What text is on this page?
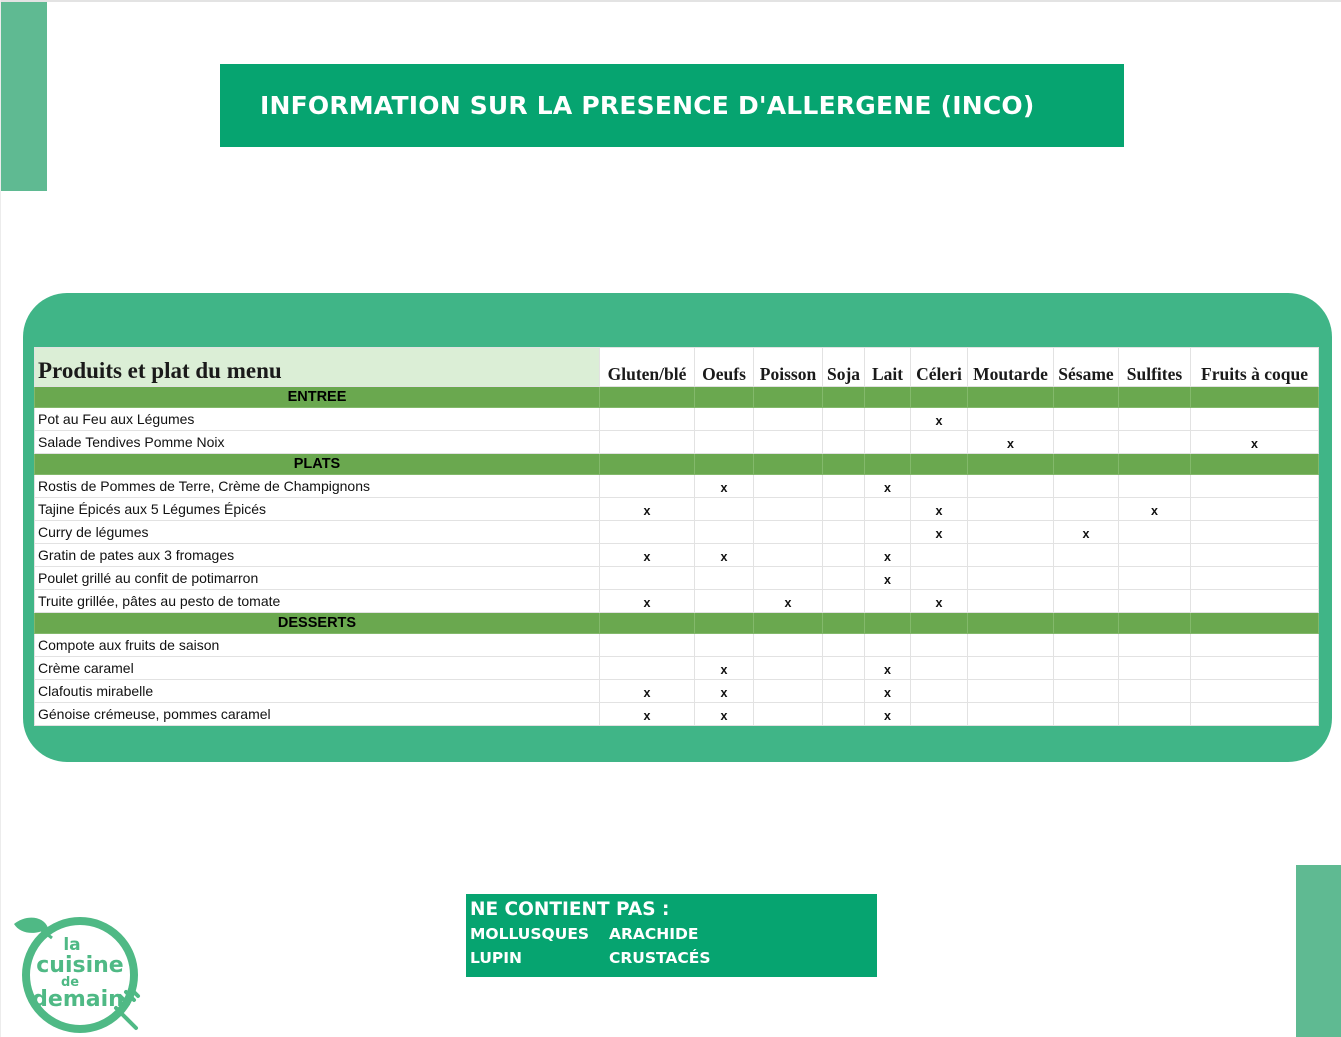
INFORMATION SUR LA PRESENCE D'ALLERGENE (INCO)
Produits et plat du menu	Gluten/blé	Oeufs	Poisson	Soja	Lait	Céleri	Moutarde	Sésame	Sulfites	Fruits à coque
ENTREE										
Pot au Feu aux Légumes						x				
Salade Tendives Pomme Noix							x			x
PLATS										
Rostis de Pommes de Terre, Crème de Champignons		x			x					
Tajine Épicés aux 5 Légumes Épicés	x					x			x	
Curry de légumes						x		x		
Gratin de pates aux 3 fromages	x	x			x					
Poulet grillé au confit de potimarron					x					
Truite grillée, pâtes au pesto de tomate	x		x			x				
DESSERTS										
Compote aux fruits de saison										
Crème caramel		x			x					
Clafoutis mirabelle	x	x			x					
Génoise crémeuse, pommes caramel	x	x			x					
NE CONTIENT PAS :
MOLLUSQUES ARACHIDE
LUPIN	CRUSTACÉS
la
cuisine
de
demain
